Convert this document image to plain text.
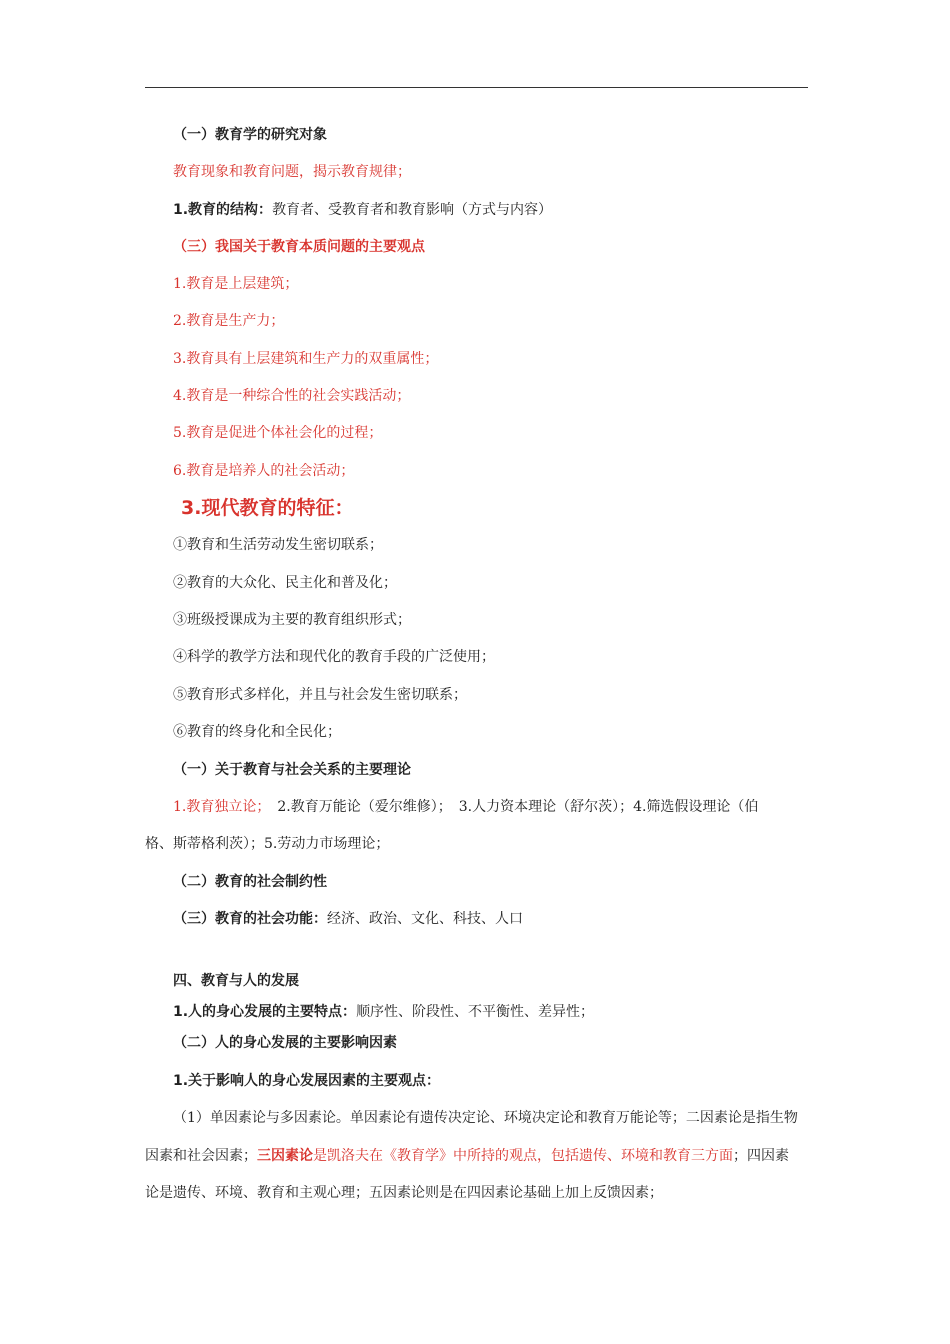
（一）教育学的研究对象
教育现象和教育问题，揭示教育规律；
1.教育的结构：教育者、受教育者和教育影响（方式与内容）
（三）我国关于教育本质问题的主要观点
1.教育是上层建筑；
2.教育是生产力；
3.教育具有上层建筑和生产力的双重属性；
4.教育是一种综合性的社会实践活动；
5.教育是促进个体社会化的过程；
6.教育是培养人的社会活动；
3.现代教育的特征：
①教育和生活劳动发生密切联系；
②教育的大众化、民主化和普及化；
③班级授课成为主要的教育组织形式；
④科学的教学方法和现代化的教育手段的广泛使用；
⑤教育形式多样化，并且与社会发生密切联系；
⑥教育的终身化和全民化；
（一）关于教育与社会关系的主要理论
1.教育独立论；　2.教育万能论（爱尔维修）；　3.人力资本理论（舒尔茨）；4.筛选假设理论（伯
格、斯蒂格利茨）；5.劳动力市场理论；
（二）教育的社会制约性
（三）教育的社会功能：经济、政治、文化、科技、人口
四、教育与人的发展
1.人的身心发展的主要特点：顺序性、阶段性、不平衡性、差异性；
（二）人的身心发展的主要影响因素
1.关于影响人的身心发展因素的主要观点：
（1）单因素论与多因素论。单因素论有遗传决定论、环境决定论和教育万能论等；二因素论是指生物
因素和社会因素；三因素论是凯洛夫在《教育学》中所持的观点，包括遗传、环境和教育三方面；四因素
论是遗传、环境、教育和主观心理；五因素论则是在四因素论基础上加上反馈因素；
